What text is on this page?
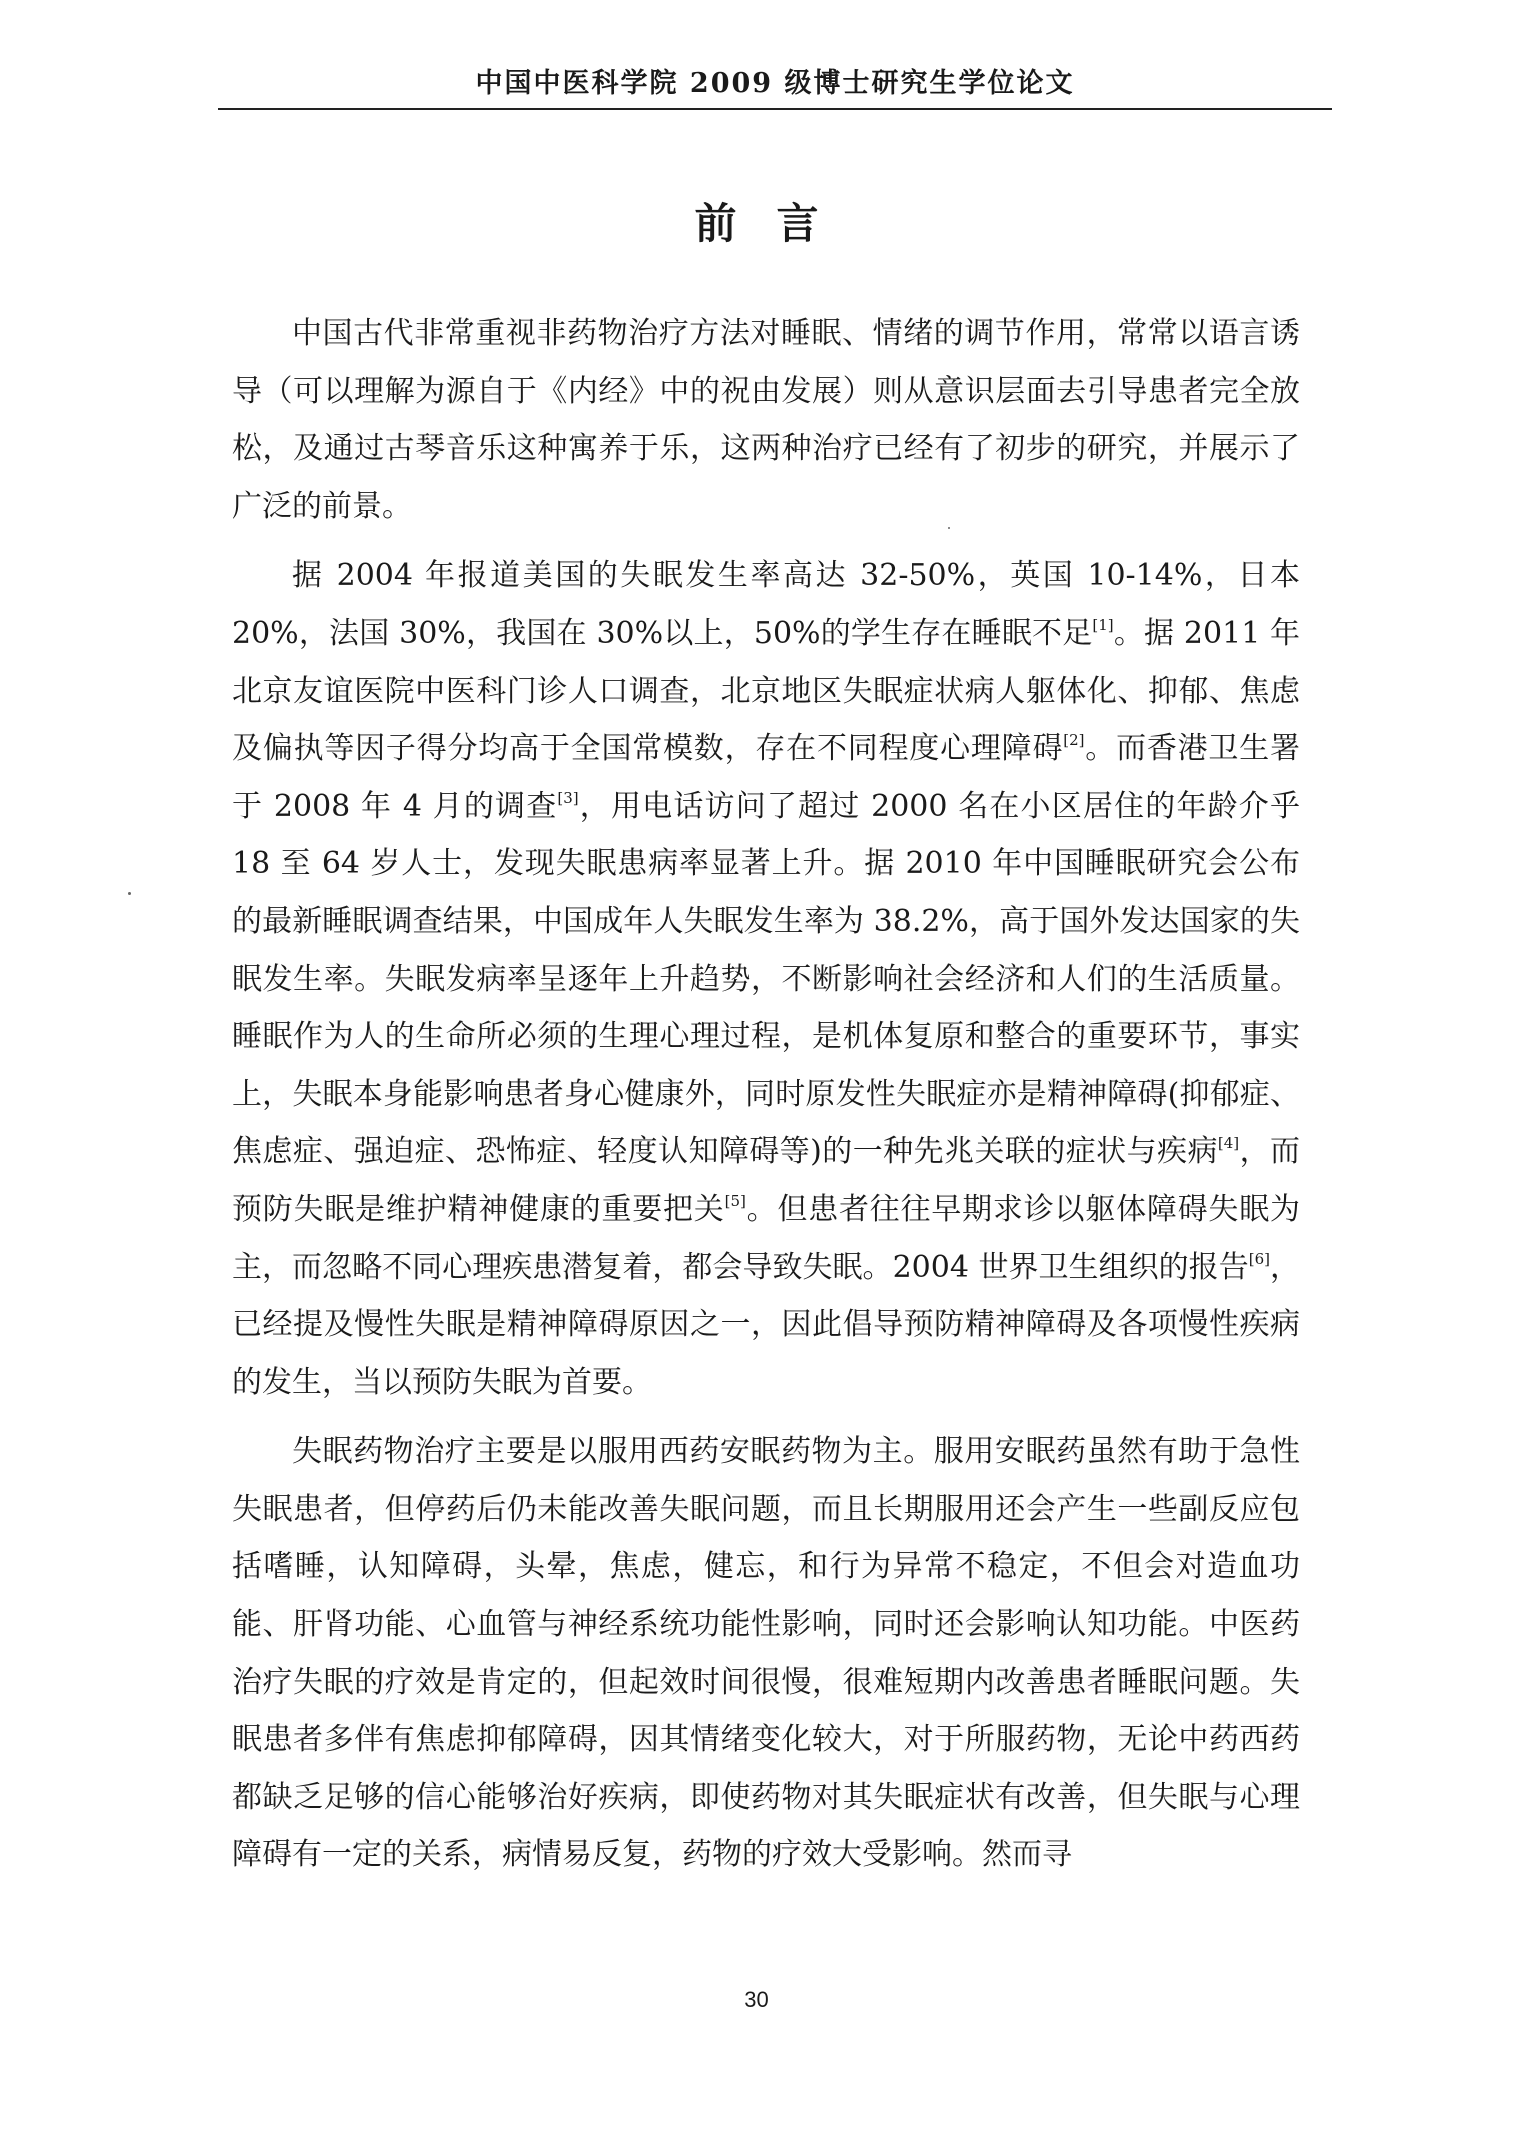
中国中医科学院 2009 级博士研究生学位论文
前言

中国古代非常重视非药物治疗方法对睡眠、情绪的调节作用，常常以语言诱导（可以理解为源自于《内经》中的祝由发展）则从意识层面去引导患者完全放松，及通过古琴音乐这种寓养于乐，这两种治疗已经有了初步的研究，并展示了广泛的前景。

据 2004 年报道美国的失眠发生率高达 32-50%，英国 10-14%，日本 20%，法国 30%，我国在 30%以上，50%的学生存在睡眠不足[1]。据 2011 年北京友谊医院中医科门诊人口调查，北京地区失眠症状病人躯体化、抑郁、焦虑及偏执等因子得分均高于全国常模数，存在不同程度心理障碍[2]。而香港卫生署于 2008 年 4 月的调查[3]，用电话访问了超过 2000 名在小区居住的年龄介乎 18 至 64 岁人士，发现失眠患病率显著上升。据 2010 年中国睡眠研究会公布的最新睡眠调查结果，中国成年人失眠发生率为 38.2%，高于国外发达国家的失眠发生率。失眠发病率呈逐年上升趋势，不断影响社会经济和人们的生活质量。睡眠作为人的生命所必须的生理心理过程，是机体复原和整合的重要环节，事实上，失眠本身能影响患者身心健康外，同时原发性失眠症亦是精神障碍(抑郁症、焦虑症、强迫症、恐怖症、轻度认知障碍等)的一种先兆关联的症状与疾病[4]，而预防失眠是维护精神健康的重要把关[5]。但患者往往早期求诊以躯体障碍失眠为主，而忽略不同心理疾患潜复着，都会导致失眠。2004 世界卫生组织的报告[6]，已经提及慢性失眠是精神障碍原因之一，因此倡导预防精神障碍及各项慢性疾病的发生，当以预防失眠为首要。

失眠药物治疗主要是以服用西药安眠药物为主。服用安眠药虽然有助于急性失眠患者，但停药后仍未能改善失眠问题，而且长期服用还会产生一些副反应包括嗜睡，认知障碍，头晕，焦虑，健忘，和行为异常不稳定，不但会对造血功能、肝肾功能、心血管与神经系统功能性影响，同时还会影响认知功能。中医药治疗失眠的疗效是肯定的，但起效时间很慢，很难短期内改善患者睡眠问题。失眠患者多伴有焦虑抑郁障碍，因其情绪变化较大，对于所服药物，无论中药西药都缺乏足够的信心能够治好疾病，即使药物对其失眠症状有改善，但失眠与心理障碍有一定的关系，病情易反复，药物的疗效大受影响。然而寻

30
